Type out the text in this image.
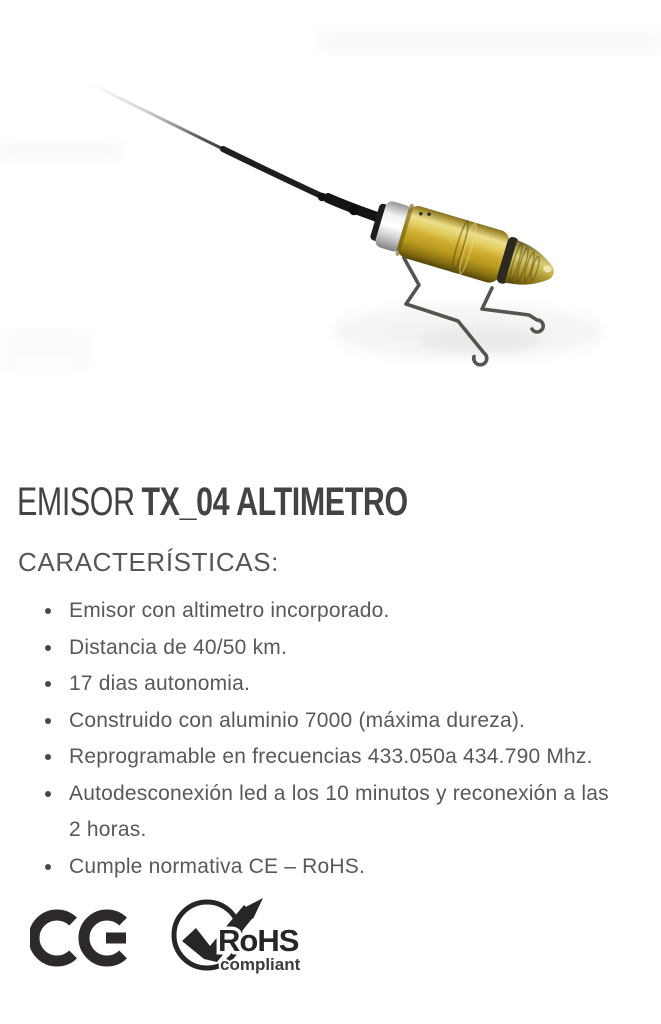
EMISOR TX_04 ALTIMETRO
CARACTERÍSTICAS:
• Emisor con altimetro incorporado.
• Distancia de 40/50 km.
• 17 dias autonomia.
• Construido con aluminio 7000 (máxima dureza).
• Reprogramable en frecuencias 433.050a 434.790 Mhz.
• Autodesconexión led a los 10 minutos y reconexión a las 2 horas.
• Cumple normativa CE – RoHS.
RoHS
compliant
